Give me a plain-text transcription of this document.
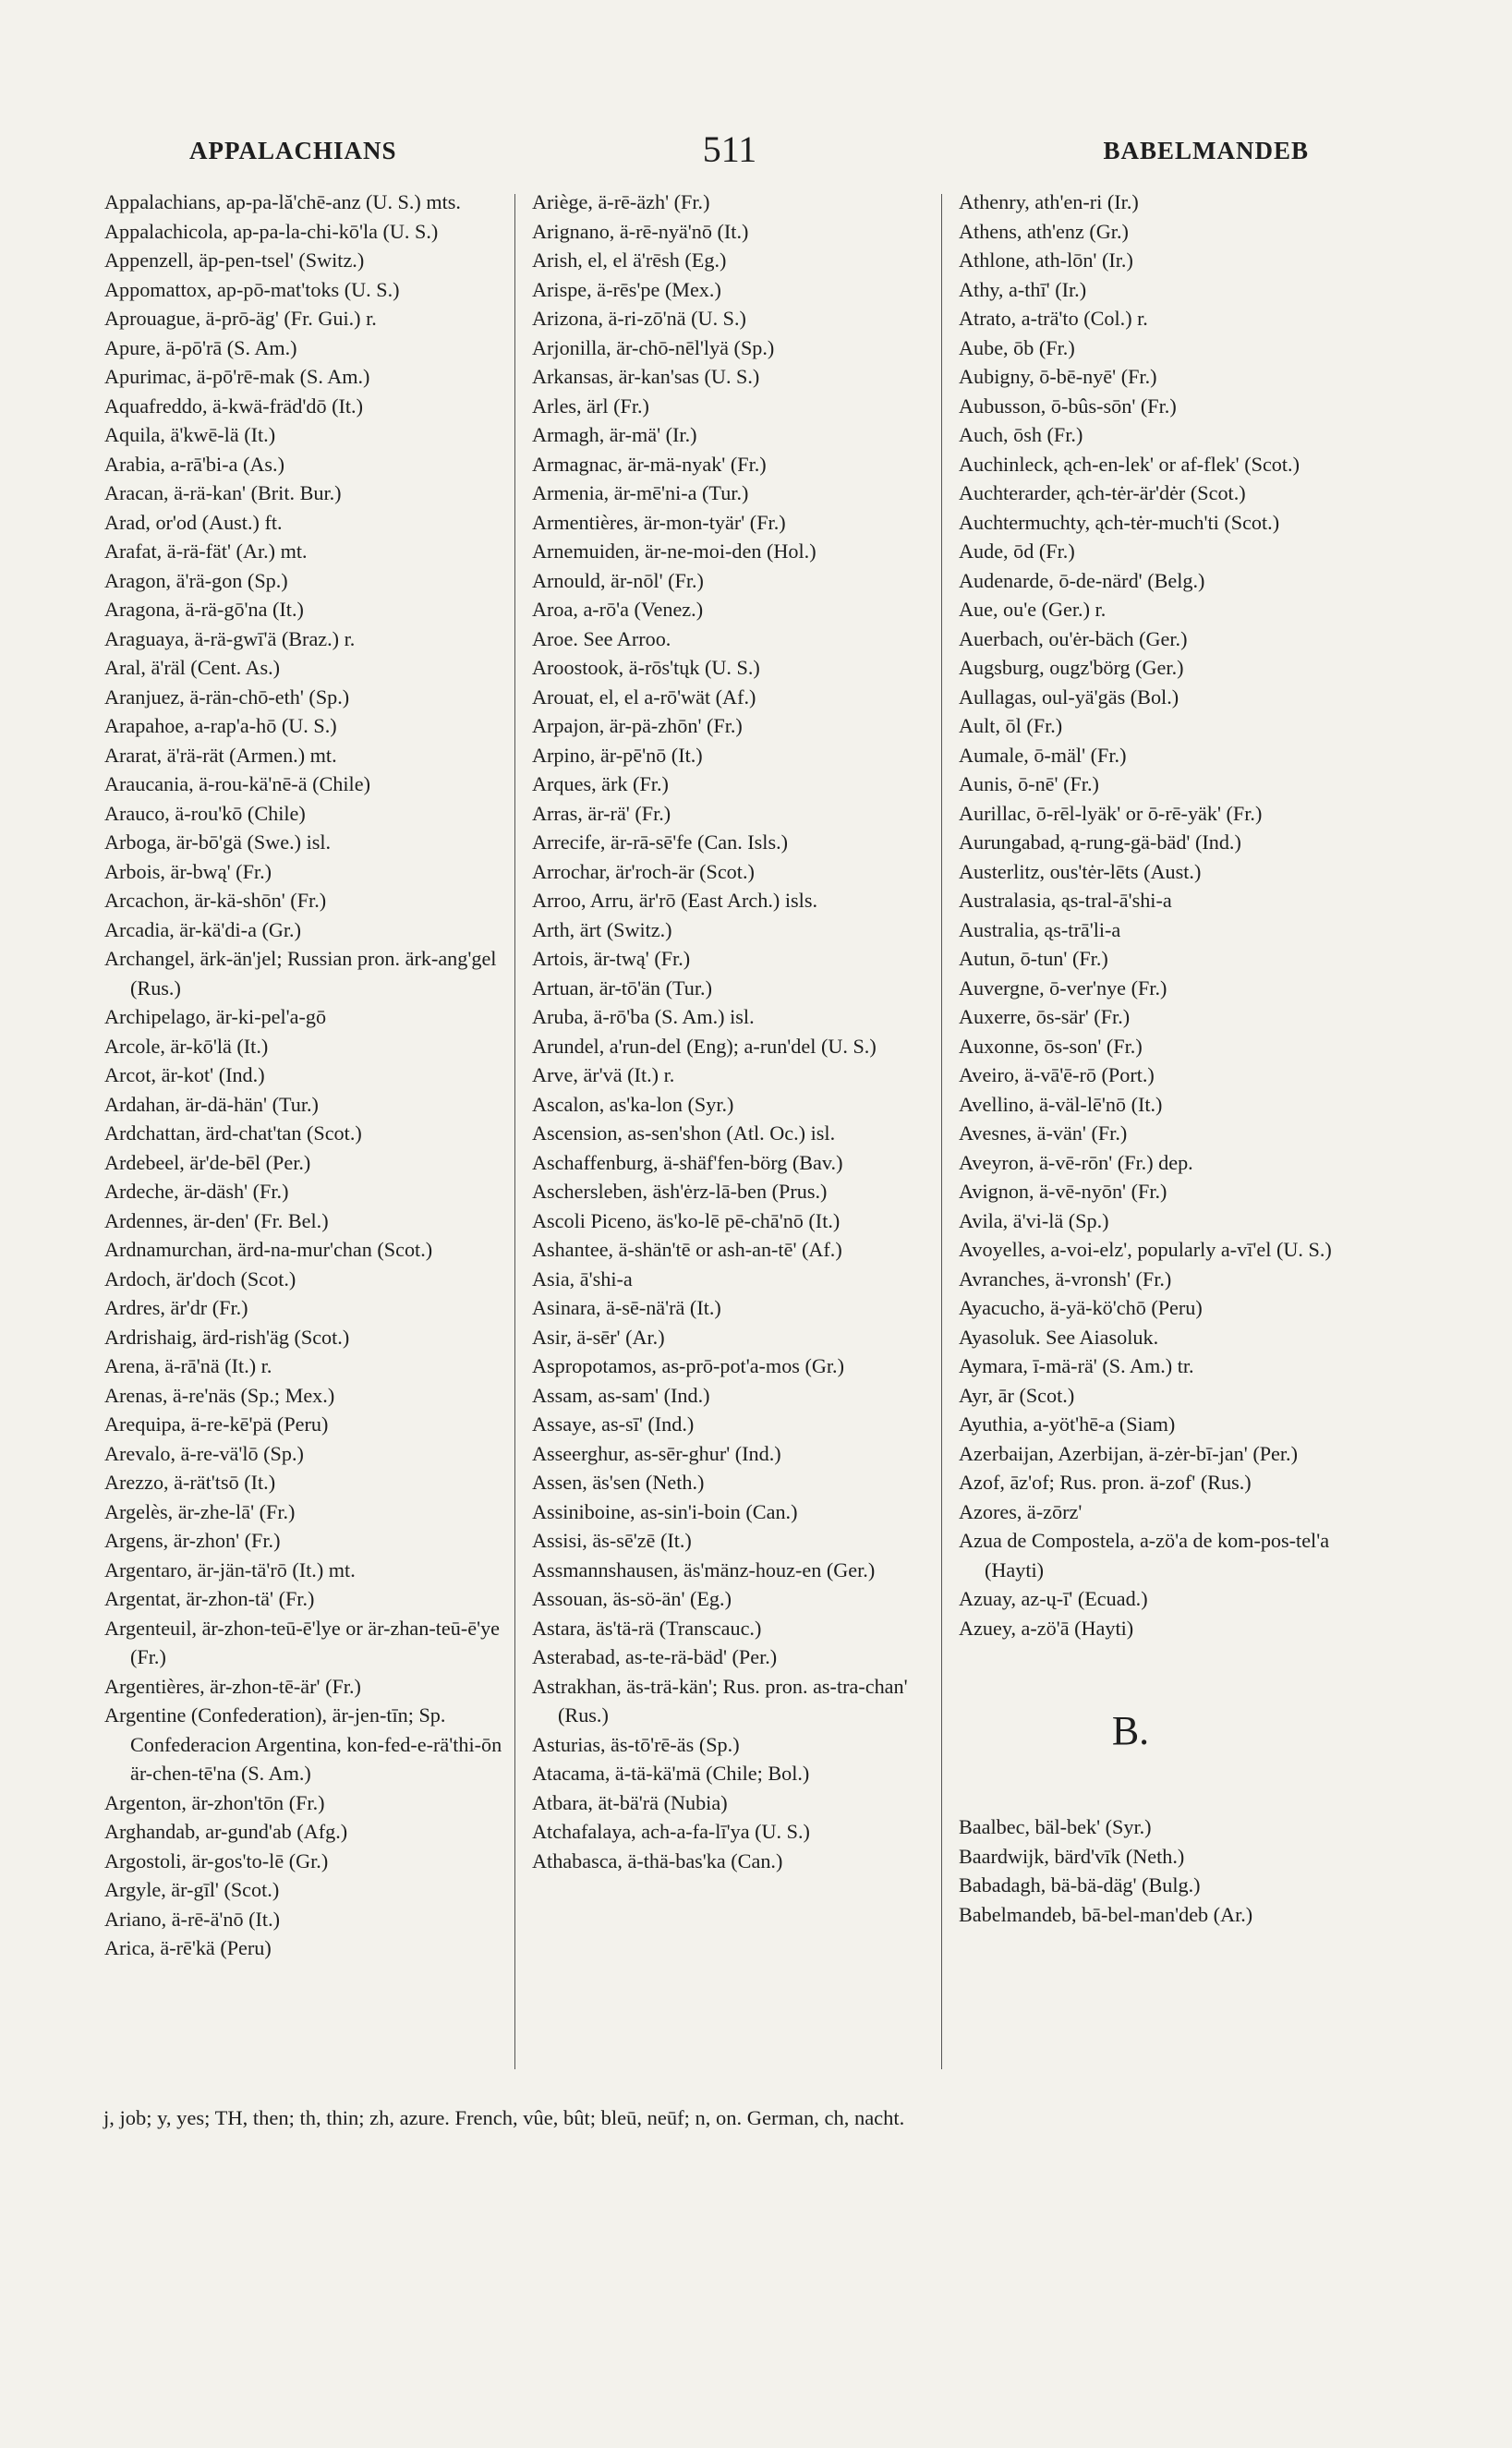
APPALACHIANS	511	BABELMANDEB

Appalachians, ap-pa-lă'chē-anz (U. S.) mts.

Appalachicola, ap-pa-la-chi-kō'la (U. S.)

Appenzell, äp-pen-tsel' (Switz.)

Appomattox, ap-pō-mat'toks (U. S.)

Aprouague, ä-prō-äg' (Fr. Gui.) r.

Apure, ä-pō'rā (S. Am.)

Apurimac, ä-pō'rē-mak (S. Am.)

Aquafreddo, ä-kwä-fräd'dō (It.)

Aquila, ä'kwē-lä (It.)

Arabia, a-rā'bi-a (As.)

Aracan, ä-rä-kan' (Brit. Bur.)

Arad, or'od (Aust.) ft.

Arafat, ä-rä-fät' (Ar.) mt.

Aragon, ä'rä-gon (Sp.)

Aragona, ä-rä-gō'na (It.)

Araguaya, ä-rä-gwī'ä (Braz.) r.

Aral, ä'räl (Cent. As.)

Aranjuez, ä-rän-chō-eth' (Sp.)

Arapahoe, a-rap'a-hō (U. S.)

Ararat, ä'rä-rät (Armen.) mt.

Araucania, ä-rou-kä'nē-ä (Chile)

Arauco, ä-rou'kō (Chile)

Arboga, är-bō'gä (Swe.) isl.

Arbois, är-bwą' (Fr.)

Arcachon, är-kä-shōn' (Fr.)

Arcadia, är-kä'di-a (Gr.)

Archangel, ärk-än'jel; Russian pron. ärk-ang'gel (Rus.)

Archipelago, är-ki-pel'a-gō

Arcole, är-kō'lä (It.)

Arcot, är-kot' (Ind.)

Ardahan, är-dä-hän' (Tur.)

Ardchattan, ärd-chat'tan (Scot.)

Ardebeel, är'de-bēl (Per.)

Ardeche, är-däsh' (Fr.)

Ardennes, är-den' (Fr. Bel.)

Ardnamurchan, ärd-na-mur'chan (Scot.)

Ardoch, är'doch (Scot.)

Ardres, är'dr (Fr.)

Ardrishaig, ärd-rish'äg (Scot.)

Arena, ä-rā'nä (It.) r.

Arenas, ä-re'näs (Sp.; Mex.)

Arequipa, ä-re-kē'pä (Peru)

Arevalo, ä-re-vä'lō (Sp.)

Arezzo, ä-rät'tsō (It.)

Argelès, är-zhe-lā' (Fr.)

Argens, är-zhon' (Fr.)

Argentaro, är-jän-tä'rō (It.) mt.

Argentat, är-zhon-tä' (Fr.)

Argenteuil, är-zhon-teū-ē'lye or är-zhan-teū-ē'ye (Fr.)

Argentières, är-zhon-tē-är' (Fr.)

Argentine (Confederation), är-jen-tīn; Sp. Confederacion Argentina, kon-fed-e-rä'thi-ōn är-chen-tē'na (S. Am.)

Argenton, är-zhon'tōn (Fr.)

Arghandab, ar-gund'ab (Afg.)

Argostoli, är-gos'to-lē (Gr.)

Argyle, är-gīl' (Scot.)

Ariano, ä-rē-ä'nō (It.)

Arica, ä-rē'kä (Peru)

Ariège, ä-rē-äzh' (Fr.)

Arignano, ä-rē-nyä'nō (It.)

Arish, el, el ä'rēsh (Eg.)

Arispe, ä-rēs'pe (Mex.)

Arizona, ä-ri-zō'nä (U. S.)

Arjonilla, är-chō-nēl'lyä (Sp.)

Arkansas, är-kan'sas (U. S.)

Arles, ärl (Fr.)

Armagh, är-mä' (Ir.)

Armagnac, är-mä-nyak' (Fr.)

Armenia, är-mē'ni-a (Tur.)

Armentières, är-mon-tyär' (Fr.)

Arnemuiden, är-ne-moi-den (Hol.)

Arnould, är-nōl' (Fr.)

Aroa, a-rō'a (Venez.)

Aroe. See Arroo.

Aroostook, ä-rōs'tųk (U. S.)

Arouat, el, el a-rō'wät (Af.)

Arpajon, är-pä-zhōn' (Fr.)

Arpino, är-pē'nō (It.)

Arques, ärk (Fr.)

Arras, är-rä' (Fr.)

Arrecife, är-rā-sē'fe (Can. Isls.)

Arrochar, är'roch-är (Scot.)

Arroo, Arru, är'rō (East Arch.) isls.

Arth, ärt (Switz.)

Artois, är-twą' (Fr.)

Artuan, är-tō'än (Tur.)

Aruba, ä-rō'ba (S. Am.) isl.

Arundel, a'run-del (Eng); a-run'del (U. S.)

Arve, är'vä (It.) r.

Ascalon, as'ka-lon (Syr.)

Ascension, as-sen'shon (Atl. Oc.) isl.

Aschaffenburg, ä-shäf'fen-börg (Bav.)

Aschersleben, äsh'ėrz-lā-ben (Prus.)

Ascoli Piceno, äs'ko-lē pē-chā'nō (It.)

Ashantee, ä-shän'tē or ash-an-tē' (Af.)

Asia, ā'shi-a

Asinara, ä-sē-nä'rä (It.)

Asir, ä-sēr' (Ar.)

Aspropotamos, as-prō-pot'a-mos (Gr.)

Assam, as-sam' (Ind.)

Assaye, as-sī' (Ind.)

Asseerghur, as-sēr-ghur' (Ind.)

Assen, äs'sen (Neth.)

Assiniboine, as-sin'i-boin (Can.)

Assisi, äs-sē'zē (It.)

Assmannshausen, äs'mänz-houz-en (Ger.)

Assouan, äs-sö-än' (Eg.)

Astara, äs'tä-rä (Transcauc.)

Asterabad, as-te-rä-bäd' (Per.)

Astrakhan, äs-trä-kän'; Rus. pron. as-tra-chan' (Rus.)

Asturias, äs-tō'rē-äs (Sp.)

Atacama, ä-tä-kä'mä (Chile; Bol.)

Atbara, ät-bä'rä (Nubia)

Atchafalaya, ach-a-fa-lī'ya (U. S.)

Athabasca, ä-thä-bas'ka (Can.)

Athenry, ath'en-ri (Ir.)

Athens, ath'enz (Gr.)

Athlone, ath-lōn' (Ir.)

Athy, a-thī' (Ir.)

Atrato, a-trä'to (Col.) r.

Aube, ōb (Fr.)

Aubigny, ō-bē-nyē' (Fr.)

Aubusson, ō-bûs-sōn' (Fr.)

Auch, ōsh (Fr.)

Auchinleck, ąch-en-lek' or af-flek' (Scot.)

Auchterarder, ąch-tėr-är'dėr (Scot.)

Auchtermuchty, ąch-tėr-much'ti (Scot.)

Aude, ōd (Fr.)

Audenarde, ō-de-närd' (Belg.)

Aue, ou'e (Ger.) r.

Auerbach, ou'ėr-bäch (Ger.)

Augsburg, ougz'börg (Ger.)

Aullagas, oul-yä'gäs (Bol.)

Ault, ōl (Fr.)

Aumale, ō-mäl' (Fr.)

Aunis, ō-nē' (Fr.)

Aurillac, ō-rēl-lyäk' or ō-rē-yäk' (Fr.)

Aurungabad, ą-rung-gä-bäd' (Ind.)

Austerlitz, ous'tėr-lēts (Aust.)

Australasia, ąs-tral-ā'shi-a

Australia, ąs-trā'li-a

Autun, ō-tun' (Fr.)

Auvergne, ō-ver'nye (Fr.)

Auxerre, ōs-sär' (Fr.)

Auxonne, ōs-son' (Fr.)

Aveiro, ä-vā'ē-rō (Port.)

Avellino, ä-väl-lē'nō (It.)

Avesnes, ä-vän' (Fr.)

Aveyron, ä-vē-rōn' (Fr.) dep.

Avignon, ä-vē-nyōn' (Fr.)

Avila, ä'vi-lä (Sp.)

Avoyelles, a-voi-elz', popularly a-vī'el (U. S.)

Avranches, ä-vronsh' (Fr.)

Ayacucho, ä-yä-kö'chō (Peru)

Ayasoluk. See Aiasoluk.

Aymara, ī-mä-rä' (S. Am.) tr.

Ayr, ār (Scot.)

Ayuthia, a-yöt'hē-a (Siam)

Azerbaijan, Azerbijan, ä-zėr-bī-jan' (Per.)

Azof, āz'of; Rus. pron. ä-zof' (Rus.)

Azores, ä-zōrz'

Azua de Compostela, a-zö'a de kom-pos-tel'a (Hayti)

Azuay, az-ų-ī' (Ecuad.)

Azuey, a-zö'ā (Hayti)

B.

Baalbec, bäl-bek' (Syr.)

Baardwijk, bärd'vīk (Neth.)

Babadagh, bä-bä-däg' (Bulg.)

Babelmandeb, bā-bel-man'deb (Ar.)

j, job; y, yes; TH, then; th, thin; zh, azure. French, vûe, bût; bleū, neūf; n, on. German, ch, nacht.
